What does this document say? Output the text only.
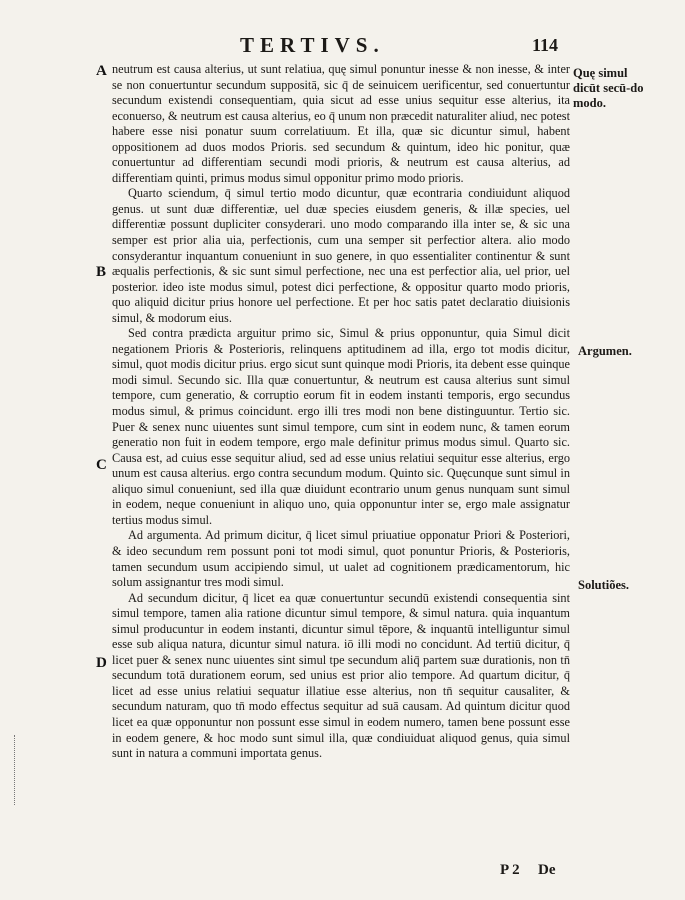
TERTIVS.	114
A
B
C
D
Quę simul dicūt secū-do modo.
Argumen.
Solutiões.

neutrum est causa alterius, ut sunt relatiua, quę simul ponuntur inesse & non inesse, & inter se non conuertuntur secundum suppositā, sic q̄ de seinuicem uerificentur, sed conuertuntur secundum existendi consequentiam, quia sicut ad esse unius sequitur esse alterius, ita econuerso, & neutrum est causa alterius, eo q̄ unum non præcedit naturaliter aliud, nec potest habere esse nisi ponatur suum correlatiuum. Et illa, quæ sic dicuntur simul, habent oppositionem ad duos modos Prioris. sed secundum & quintum, ideo hic ponitur, quæ conuertuntur ad differentiam secundi modi prioris, & neutrum est causa alterius, ad differentiam quinti, primus modus simul opponitur primo modo prioris.

Quarto sciendum, q̄ simul tertio modo dicuntur, quæ econtraria condiuidunt aliquod genus. ut sunt duæ differentiæ, uel duæ species eiusdem generis, & illæ species, uel differentiæ possunt dupliciter consyderari. uno modo comparando illa inter se, & sic una semper est prior alia uia, perfectionis, cum una semper sit perfectior altera. alio modo consyderantur inquantum conueniunt in suo genere, in quo essentialiter continentur & sunt æqualis perfectionis, & sic sunt simul perfectione, nec una est perfectior alia, uel prior, uel posterior. ideo iste modus simul, potest dici perfectione, & oppositur quarto modo prioris, quo aliquid dicitur prius honore uel perfectione. Et per hoc satis patet declaratio diuisionis simul, & modorum eius.

Sed contra prædicta arguitur primo sic, Simul & prius opponuntur, quia Simul dicit negationem Prioris & Posterioris, relinquens aptitudinem ad illa, ergo tot modis dicitur, simul, quot modis dicitur prius. ergo sicut sunt quinque modi Prioris, ita debent esse quinque modi simul. Secundo sic. Illa quæ conuertuntur, & neutrum est causa alterius sunt simul tempore, cum generatio, & corruptio eorum fit in eodem instanti temporis, ergo secundus modus simul, & primus coincidunt. ergo illi tres modi non bene distinguuntur. Tertio sic. Puer & senex nunc uiuentes sunt simul tempore, cum sint in eodem nunc, & tamen eorum generatio non fuit in eodem tempore, ergo male definitur primus modus simul. Quarto sic. Causa est, ad cuius esse sequitur aliud, sed ad esse unius relatiui sequitur esse alterius, ergo unum est causa alterius. ergo contra secundum modum. Quinto sic. Quęcunque sunt simul in aliquo simul conueniunt, sed illa quæ diuidunt econtrario unum genus nunquam sunt simul in eodem, neque conueniunt in aliquo uno, quia opponuntur inter se, ergo male assignatur tertius modus simul.

Ad argumenta. Ad primum dicitur, q̄ licet simul priuatiue opponatur Priori & Posteriori, & ideo secundum rem possunt poni tot modi simul, quot ponuntur Prioris, & Posterioris, tamen secundum usum accipiendo simul, ut ualet ad cognitionem prædicamentorum, hic solum assignantur tres modi simul.

Ad secundum dicitur, q̄ licet ea quæ conuertuntur secundū existendi consequentia sint simul tempore, tamen alia ratione dicuntur simul tempore, & simul natura. quia inquantum simul producuntur in eodem instanti, dicuntur simul tēpore, & inquantū intelliguntur simul esse sub aliqua natura, dicuntur simul natura. iō illi modi no concidunt. Ad tertiū dicitur, q̄ licet puer & senex nunc uiuentes sint simul tpe secundum aliq̄ partem suæ durationis, non tn̄ secundum totā durationem eorum, sed unius est prior alio tempore. Ad quartum dicitur, q̄ licet ad esse unius relatiui sequatur illatiue esse alterius, non tn̄ sequitur causaliter, & secundum naturam, quo tn̄ modo effectus sequitur ad suā causam. Ad quintum dicitur quod licet ea quæ opponuntur non possunt esse simul in eodem numero, tamen bene possunt esse in eodem genere, & hoc modo sunt simul illa, quæ condiuiduat aliquod genus, quia simul sunt in natura a communi importata genus.

P 2 De
